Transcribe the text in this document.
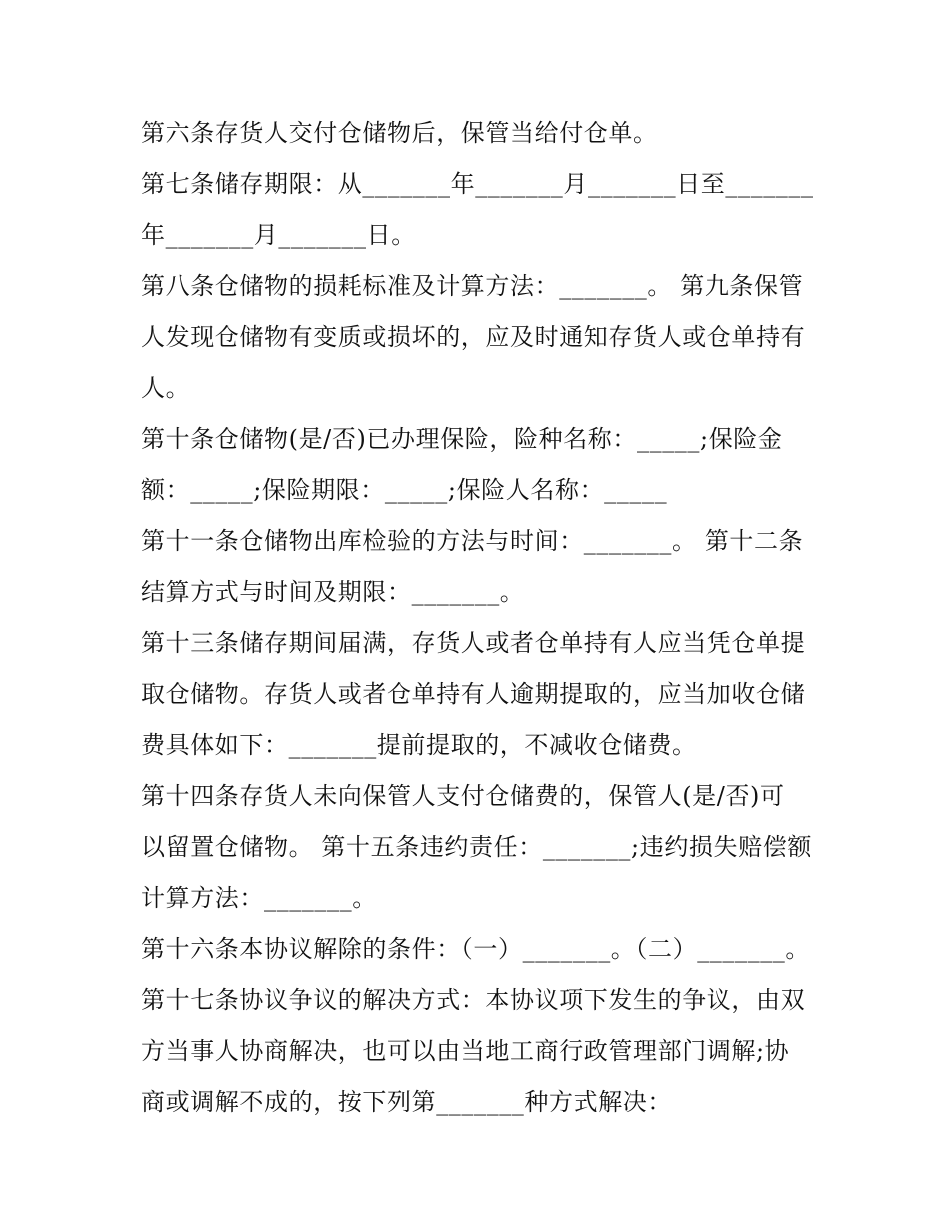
第六条存货人交付仓储物后，保管当给付仓单。
第七条储存期限：从_______年_______月_______日至_______
年_______月_______日。
第八条仓储物的损耗标准及计算方法：_______。 第九条保管
人发现仓储物有变质或损坏的，应及时通知存货人或仓单持有
人。
第十条仓储物(是/否)已办理保险，险种名称：_____;保险金
额：_____;保险期限：_____;保险人名称：_____
第十一条仓储物出库检验的方法与时间：_______。 第十二条
结算方式与时间及期限：_______。
第十三条储存期间届满，存货人或者仓单持有人应当凭仓单提
取仓储物。存货人或者仓单持有人逾期提取的，应当加收仓储
费具体如下：_______提前提取的，不减收仓储费。
第十四条存货人未向保管人支付仓储费的，保管人(是/否)可
以留置仓储物。 第十五条违约责任：_______;违约损失赔偿额
计算方法：_______。
第十六条本协议解除的条件：（一）_______。（二）_______。
第十七条协议争议的解决方式：本协议项下发生的争议，由双
方当事人协商解决，也可以由当地工商行政管理部门调解;协
商或调解不成的，按下列第_______种方式解决：
